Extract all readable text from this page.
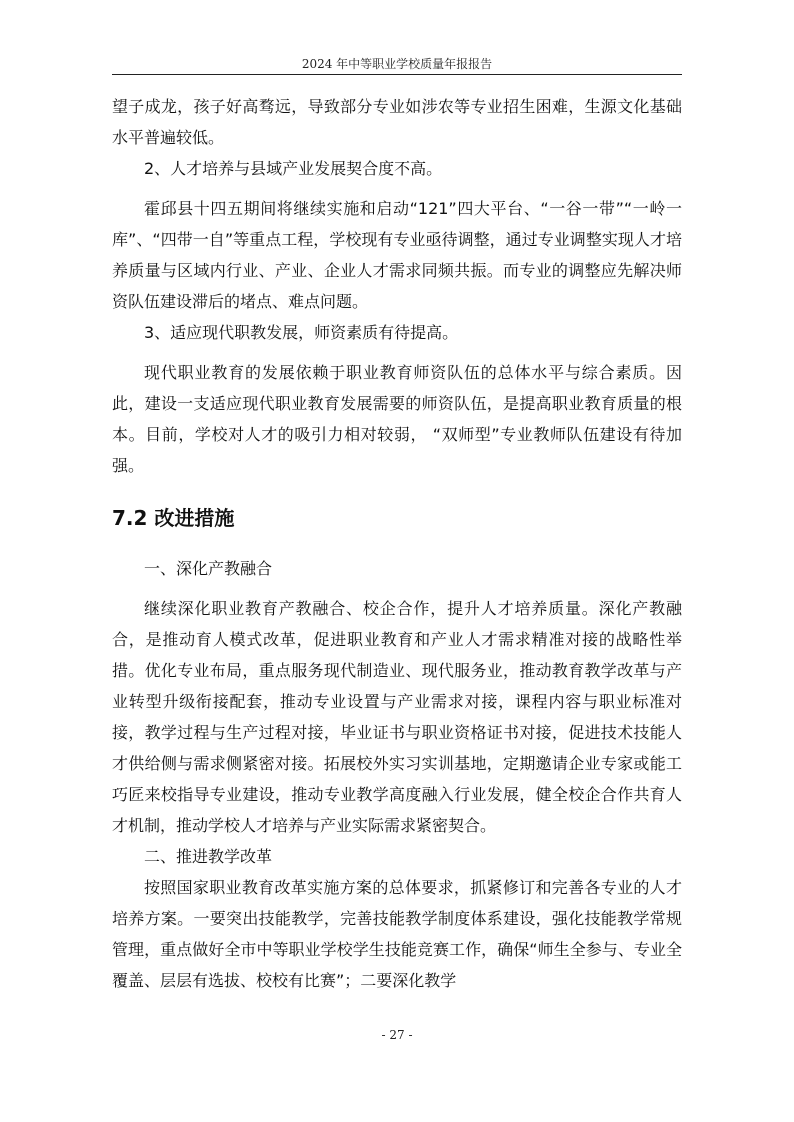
2024 年中等职业学校质量年报报告

望子成龙，孩子好高骛远，导致部分专业如涉农等专业招生困难，生源文化基础水平普遍较低。

2、人才培养与县域产业发展契合度不高。

霍邱县十四五期间将继续实施和启动“121”四大平台、“一谷一带”“一岭一库”、“四带一自”等重点工程，学校现有专业亟待调整，通过专业调整实现人才培养质量与区域内行业、产业、企业人才需求同频共振。而专业的调整应先解决师资队伍建设滞后的堵点、难点问题。

3、适应现代职教发展，师资素质有待提高。

现代职业教育的发展依赖于职业教育师资队伍的总体水平与综合素质。因此，建设一支适应现代职业教育发展需要的师资队伍，是提高职业教育质量的根本。目前，学校对人才的吸引力相对较弱， “双师型”专业教师队伍建设有待加强。

7.2 改进措施

一、深化产教融合

继续深化职业教育产教融合、校企合作，提升人才培养质量。深化产教融合，是推动育人模式改革，促进职业教育和产业人才需求精准对接的战略性举措。优化专业布局，重点服务现代制造业、现代服务业，推动教育教学改革与产业转型升级衔接配套，推动专业设置与产业需求对接，课程内容与职业标准对接，教学过程与生产过程对接，毕业证书与职业资格证书对接，促进技术技能人才供给侧与需求侧紧密对接。拓展校外实习实训基地，定期邀请企业专家或能工巧匠来校指导专业建设，推动专业教学高度融入行业发展，健全校企合作共育人才机制，推动学校人才培养与产业实际需求紧密契合。

二、推进教学改革

按照国家职业教育改革实施方案的总体要求，抓紧修订和完善各专业的人才培养方案。一要突出技能教学，完善技能教学制度体系建设，强化技能教学常规管理，重点做好全市中等职业学校学生技能竞赛工作，确保“师生全参与、专业全覆盖、层层有选拔、校校有比赛”；二要深化教学

- 27 -
